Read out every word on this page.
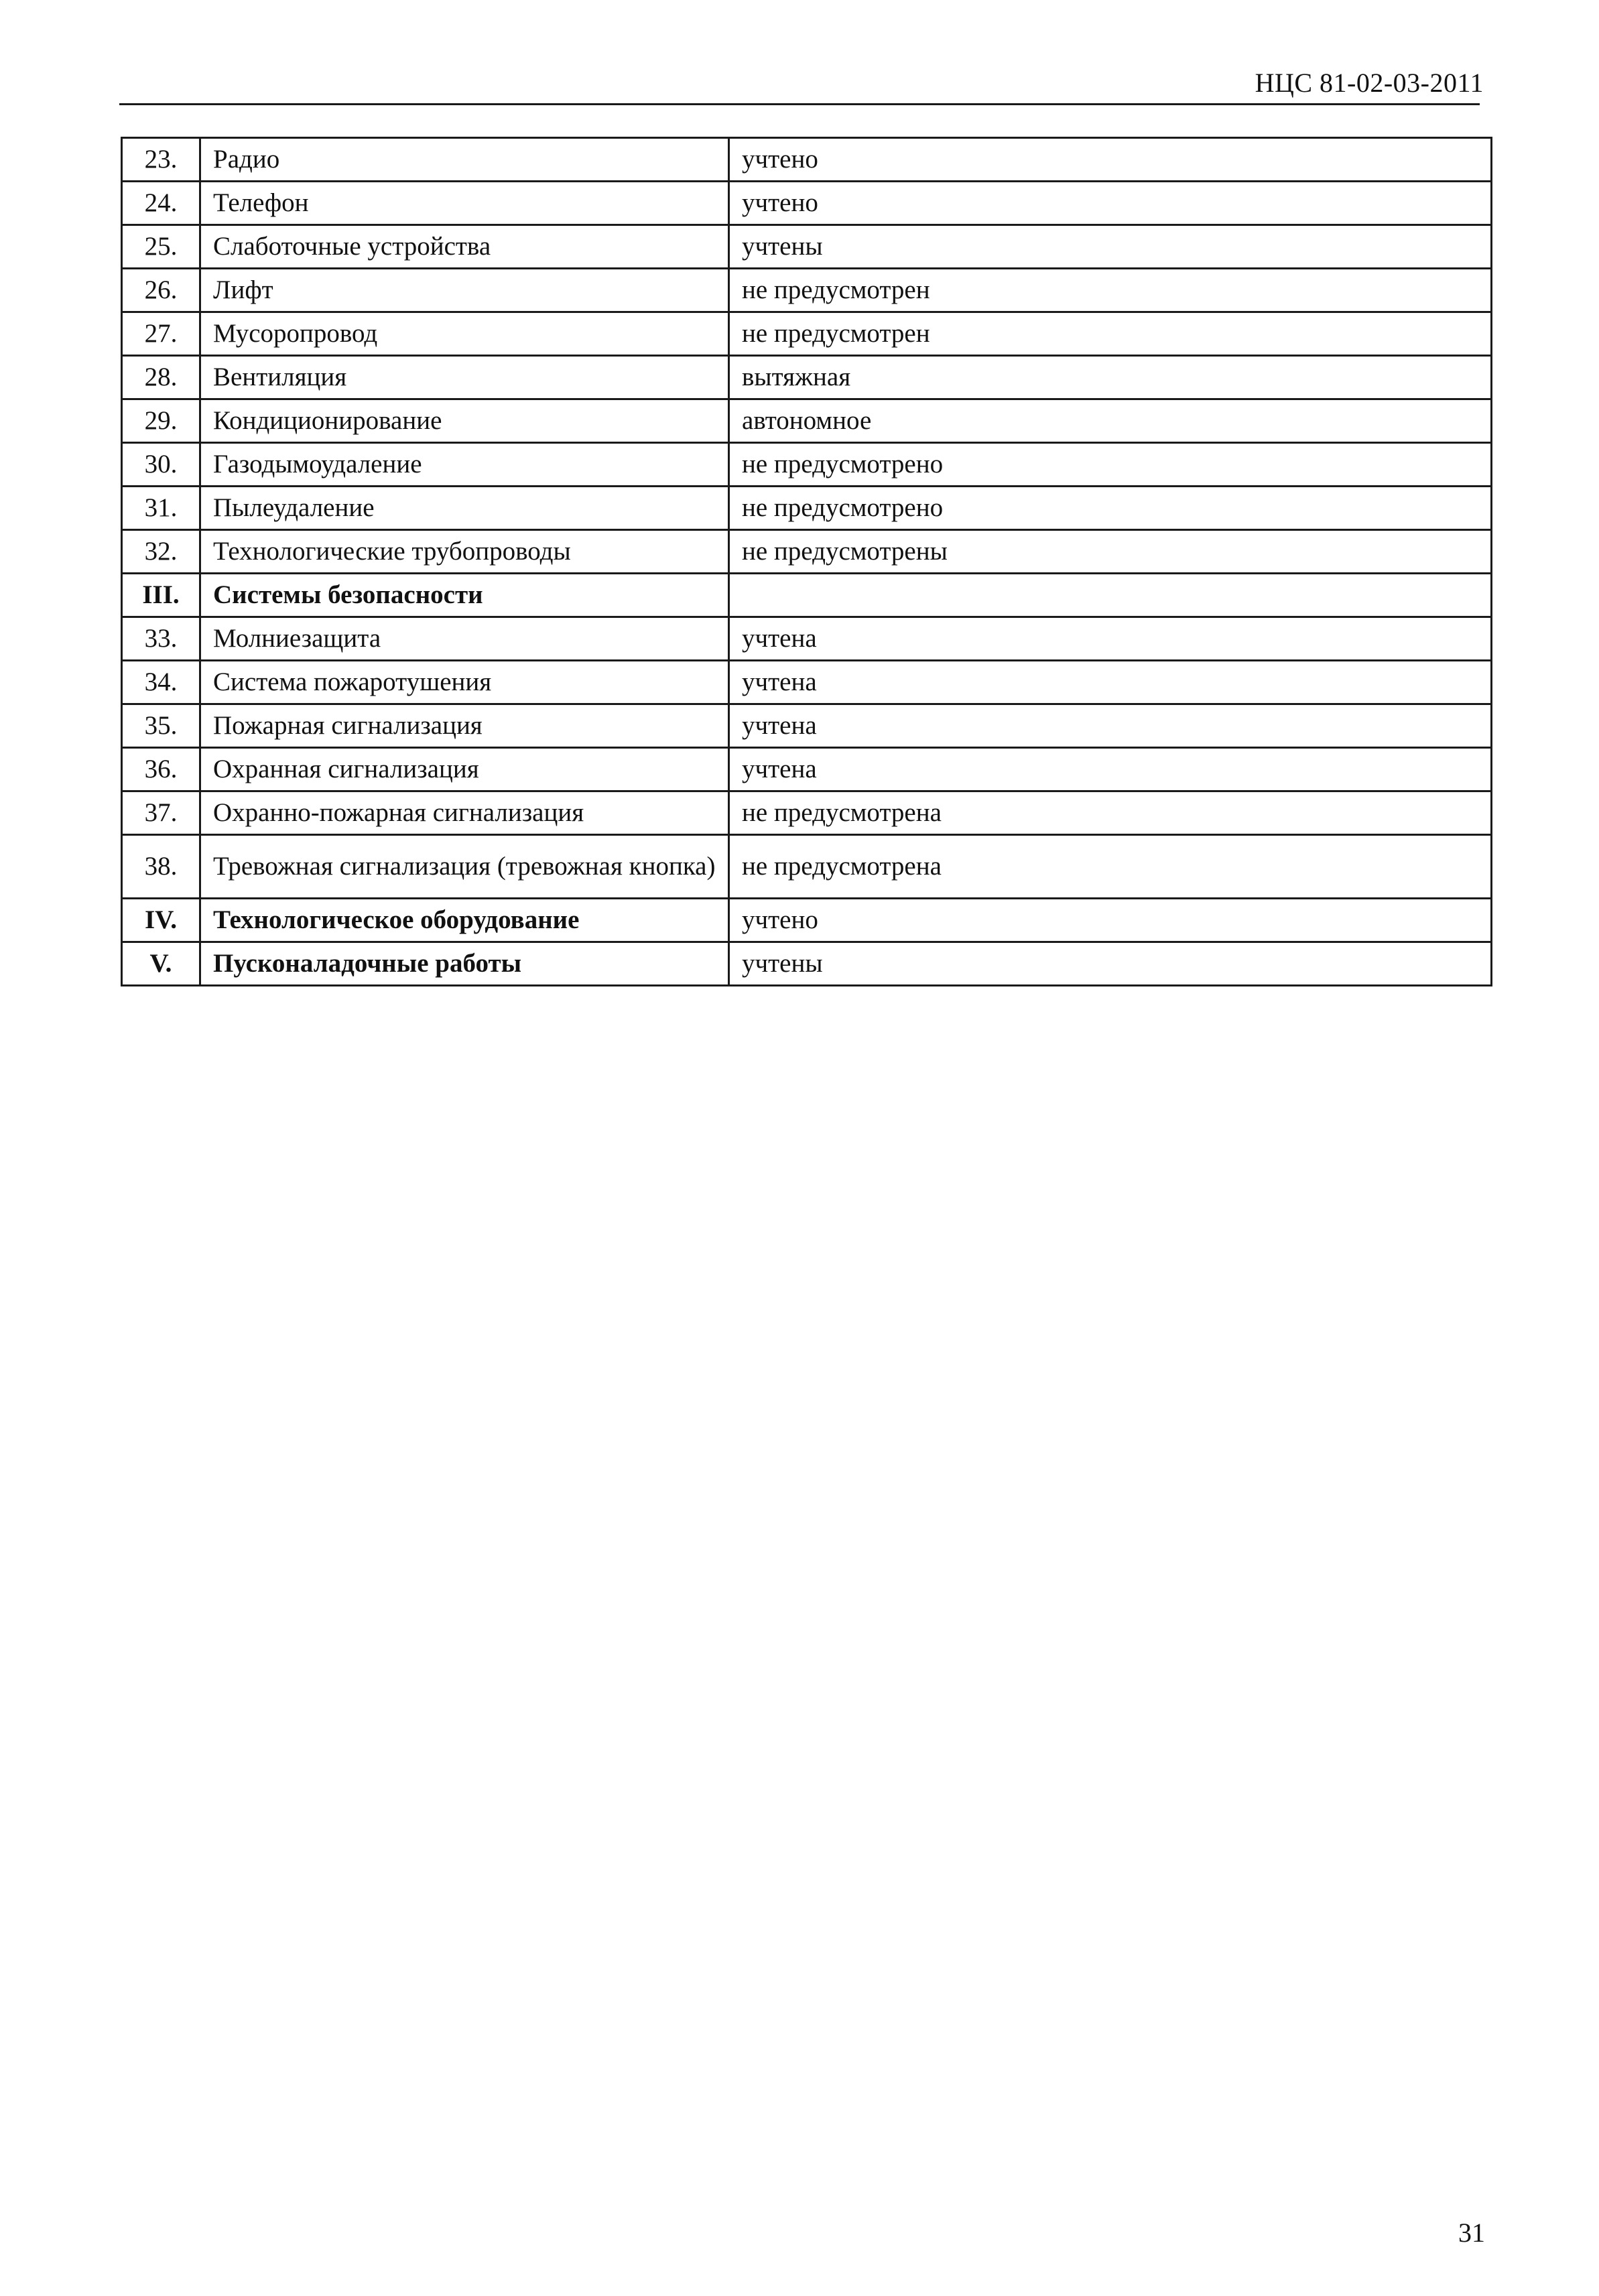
НЦС 81-02-03-2011
23.	Радио	учтено
24.	Телефон	учтено
25.	Слаботочные устройства	учтены
26.	Лифт	не предусмотрен
27.	Мусоропровод	не предусмотрен
28.	Вентиляция	вытяжная
29.	Кондиционирование	автономное
30.	Газодымоудаление	не предусмотрено
31.	Пылеудаление	не предусмотрено
32.	Технологические трубопроводы	не предусмотрены
III.	Системы безопасности	
33.	Молниезащита	учтена
34.	Система пожаротушения	учтена
35.	Пожарная сигнализация	учтена
36.	Охранная сигнализация	учтена
37.	Охранно-пожарная сигнализация	не предусмотрена
38.	Тревожная сигнализация (тревожная кнопка)	не предусмотрена
IV.	Технологическое оборудование	учтено
V.	Пусконаладочные работы	учтены
31
